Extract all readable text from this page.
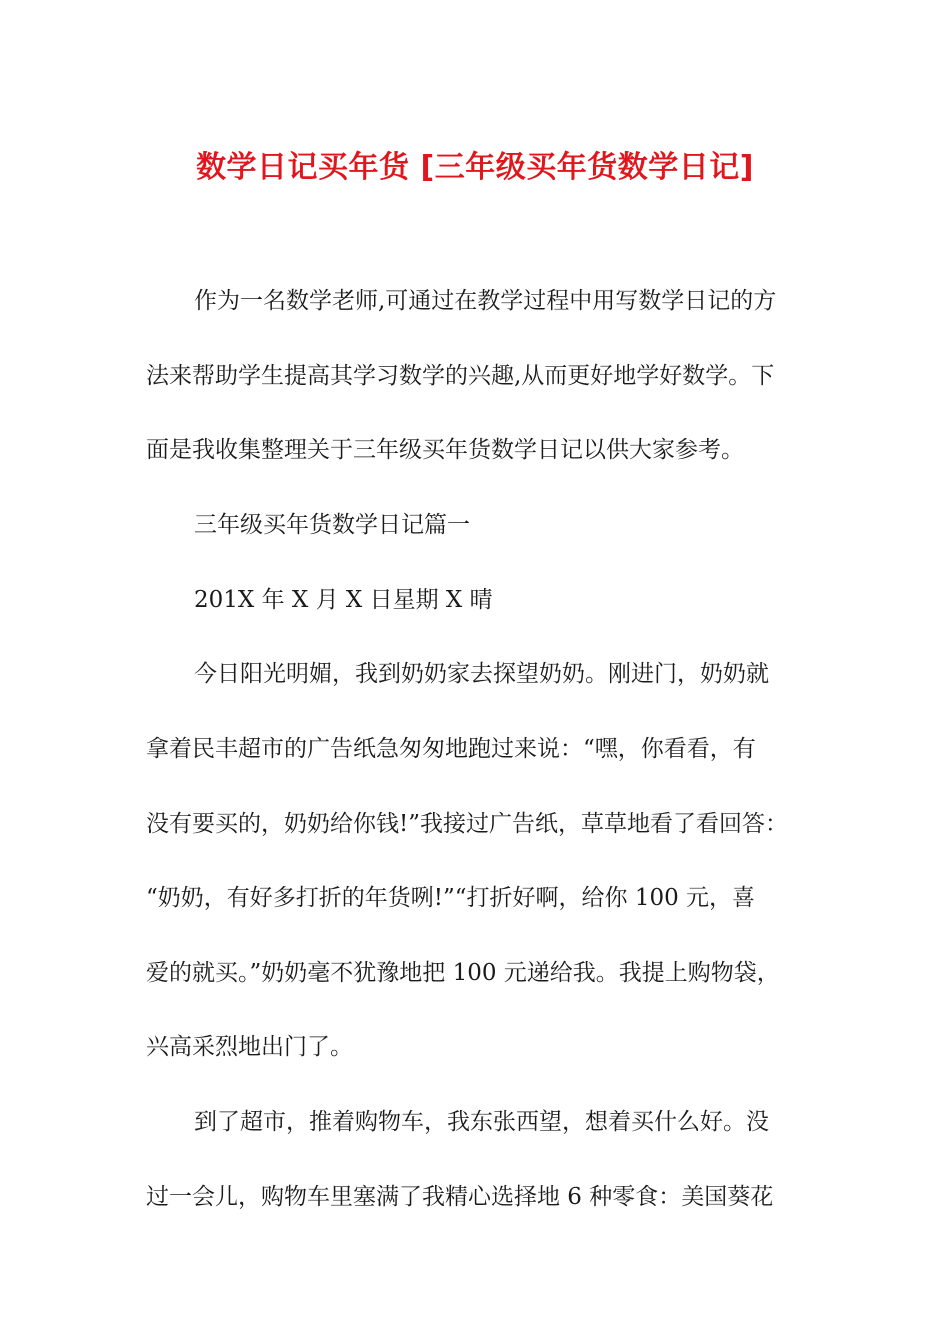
数学日记买年货 [三年级买年货数学日记]
作为一名数学老师,可通过在教学过程中用写数学日记的方
法来帮助学生提高其学习数学的兴趣,从而更好地学好数学。下
面是我收集整理关于三年级买年货数学日记以供大家参考。
三年级买年货数学日记篇一
201X 年 X 月 X 日星期 X 晴
今日阳光明媚，我到奶奶家去探望奶奶。刚进门，奶奶就
拿着民丰超市的广告纸急匆匆地跑过来说：“嘿，你看看，有
没有要买的，奶奶给你钱!”我接过广告纸，草草地看了看回答：
“奶奶，有好多打折的年货咧!”“打折好啊，给你 100 元，喜
爱的就买。”奶奶毫不犹豫地把 100 元递给我。我提上购物袋，
兴高采烈地出门了。
到了超市，推着购物车，我东张西望，想着买什么好。没
过一会儿，购物车里塞满了我精心选择地 6 种零食：美国葵花
